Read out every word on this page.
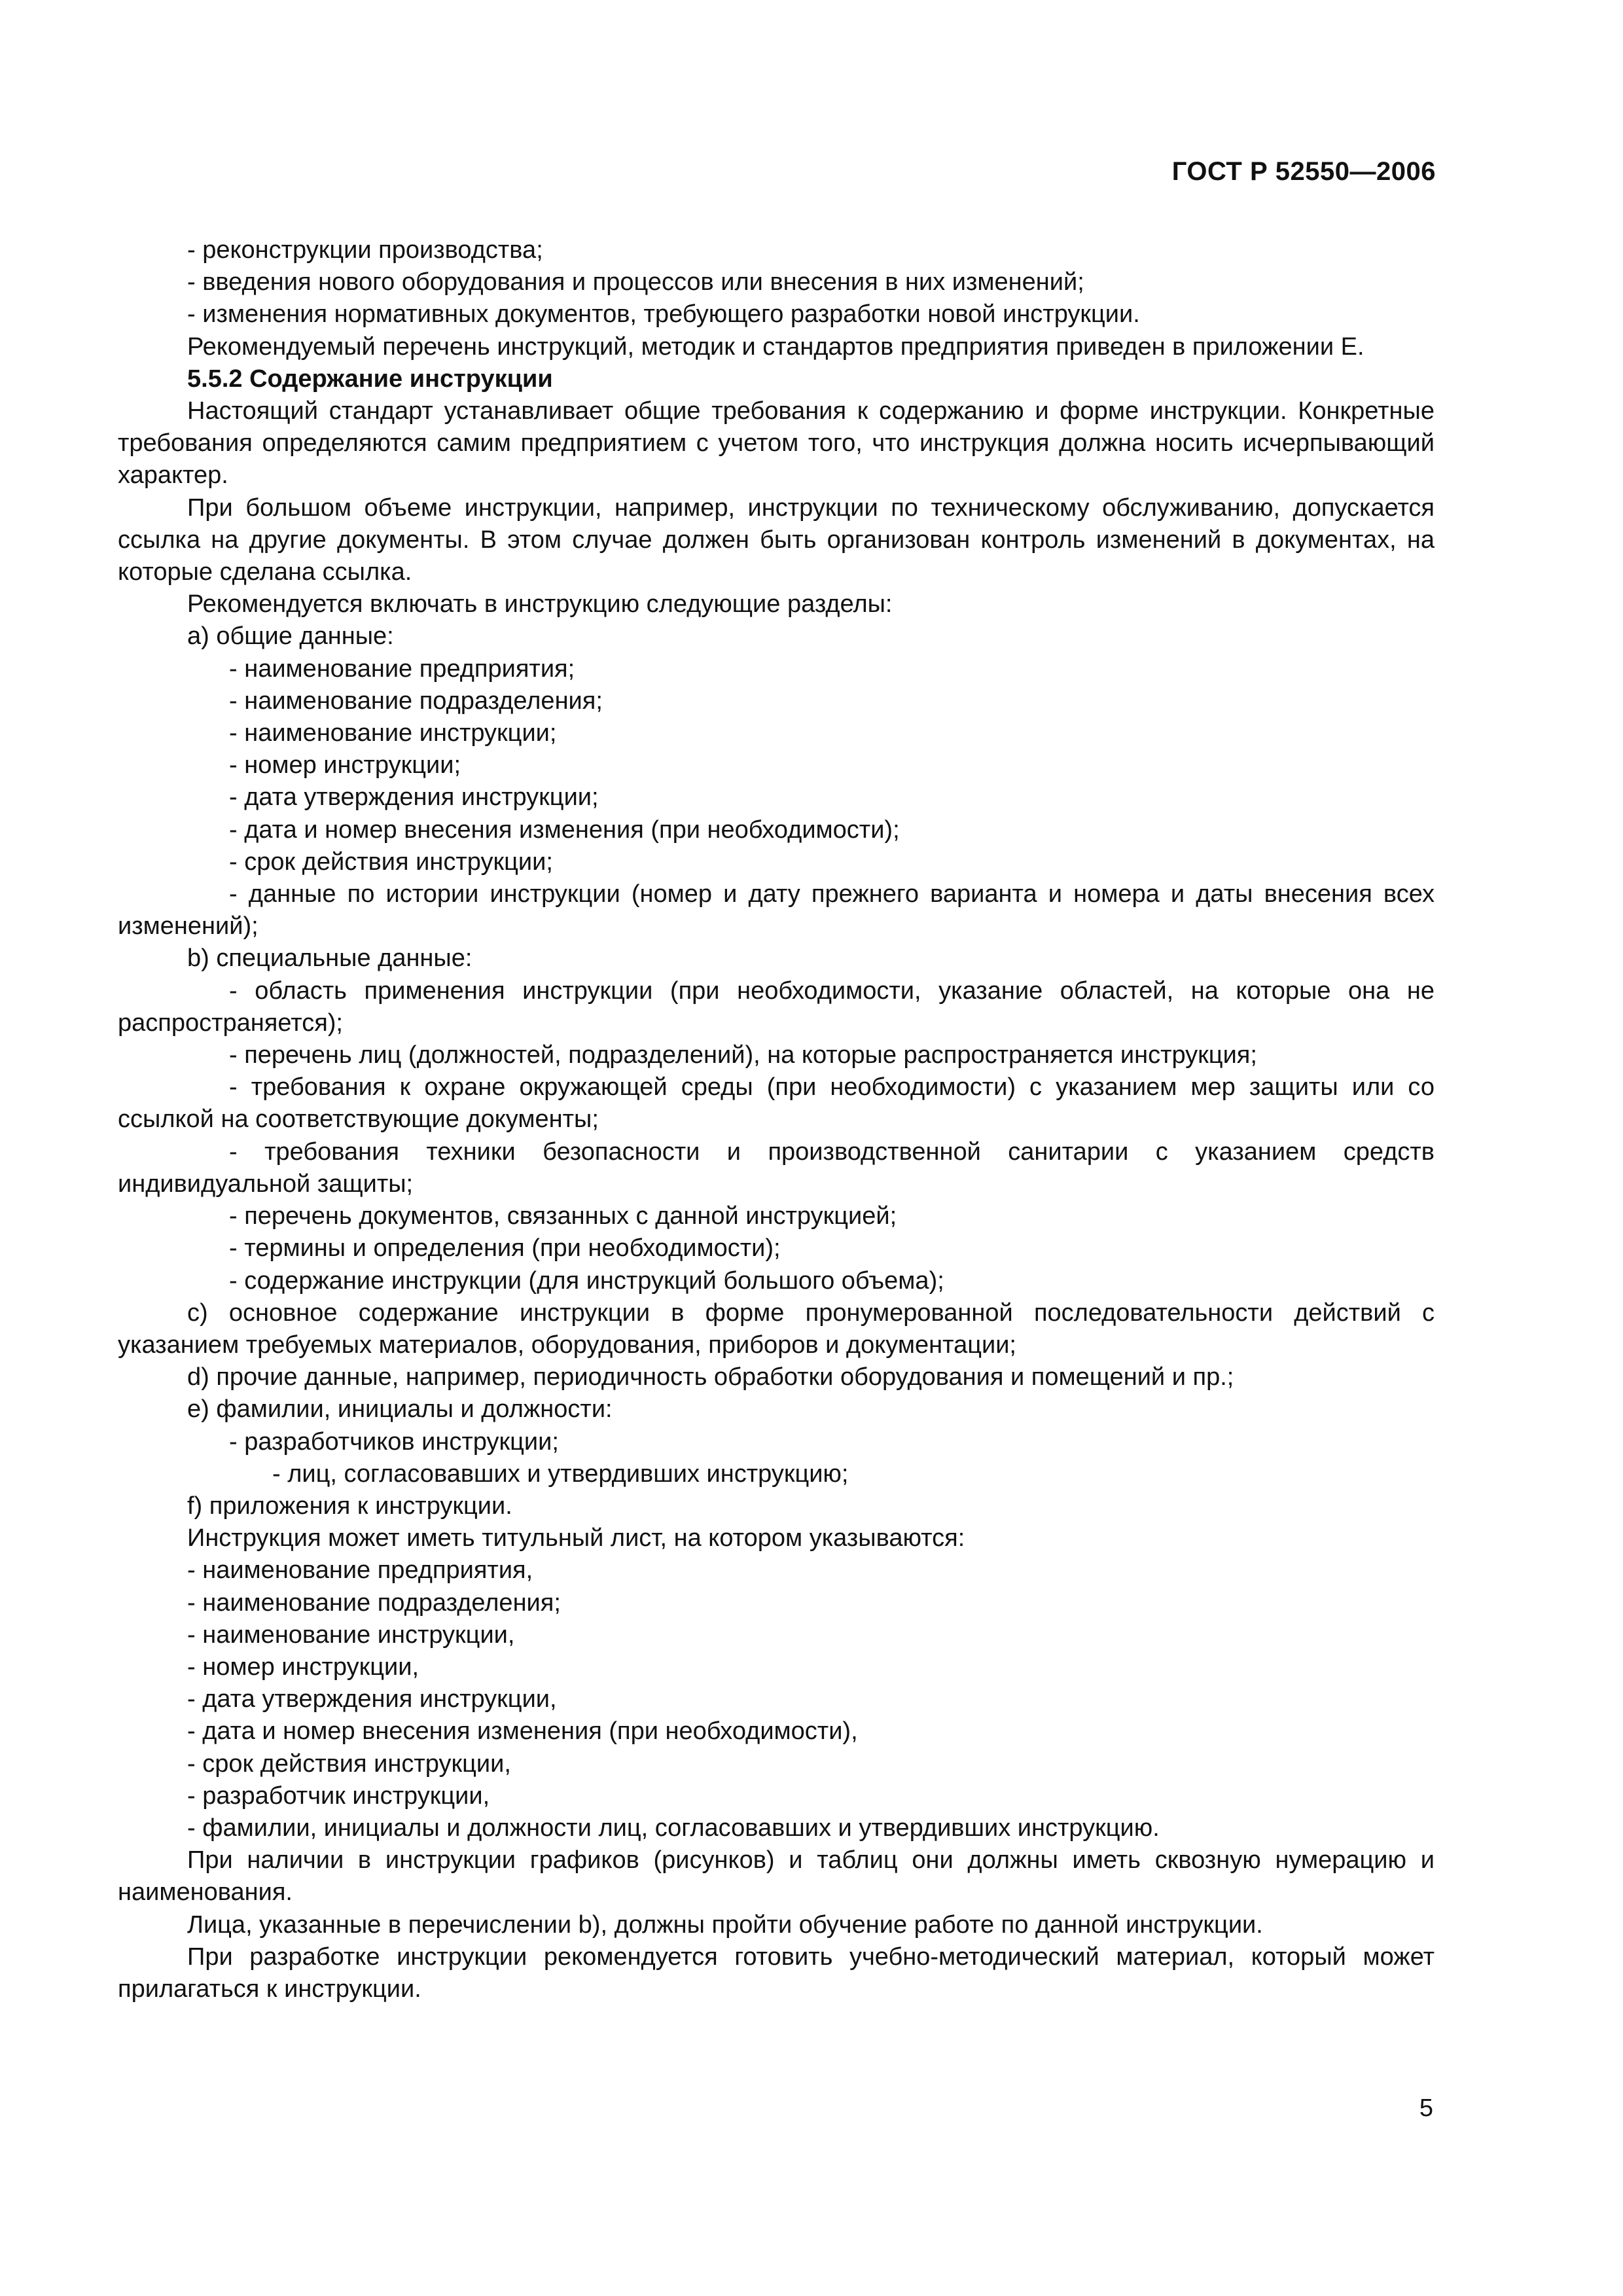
ГОСТ Р 52550—2006

- реконструкции производства;

- введения нового оборудования и процессов или внесения в них изменений;

- изменения нормативных документов, требующего разработки новой инструкции.

Рекомендуемый перечень инструкций, методик и стандартов предприятия приведен в приложении Е.

5.5.2 Содержание инструкции

Настоящий стандарт устанавливает общие требования к содержанию и форме инструкции. Конкретные требования определяются самим предприятием с учетом того, что инструкция должна носить исчерпывающий характер.

При большом объеме инструкции, например, инструкции по техническому обслуживанию, допускается ссылка на другие документы. В этом случае должен быть организован контроль изменений в документах, на которые сделана ссылка.

Рекомендуется включать в инструкцию следующие разделы:

а) общие данные:

- наименование предприятия;

- наименование подразделения;

- наименование инструкции;

- номер инструкции;

- дата утверждения инструкции;

- дата и номер внесения изменения (при необходимости);

- срок действия инструкции;

- данные по истории инструкции (номер и дату прежнего варианта и номера и даты внесения всех изменений);

b) специальные данные:

- область применения инструкции (при необходимости, указание областей, на которые она не распространяется);

- перечень лиц (должностей, подразделений), на которые распространяется инструкция;

- требования к охране окружающей среды (при необходимости) с указанием мер защиты или со ссылкой на соответствующие документы;

- требования техники безопасности и производственной санитарии с указанием средств индивидуальной защиты;

- перечень документов, связанных с данной инструкцией;

- термины и определения (при необходимости);

- содержание инструкции (для инструкций большого объема);

c) основное содержание инструкции в форме пронумерованной последовательности действий с указанием требуемых материалов, оборудования, приборов и документации;

d) прочие данные, например, периодичность обработки оборудования и помещений и пр.;

e) фамилии, инициалы и должности:

- разработчиков инструкции;

- лиц, согласовавших и утвердивших инструкцию;

f) приложения к инструкции.

Инструкция может иметь титульный лист, на котором указываются:

- наименование предприятия,

- наименование подразделения;

- наименование инструкции,

- номер инструкции,

- дата утверждения инструкции,

- дата и номер внесения изменения (при необходимости),

- срок действия инструкции,

- разработчик инструкции,

- фамилии, инициалы и должности лиц, согласовавших и утвердивших инструкцию.

При наличии в инструкции графиков (рисунков) и таблиц они должны иметь сквозную нумерацию и наименования.

Лица, указанные в перечислении b), должны пройти обучение работе по данной инструкции.

При разработке инструкции рекомендуется готовить учебно-методический материал, который может прилагаться к инструкции.

5
